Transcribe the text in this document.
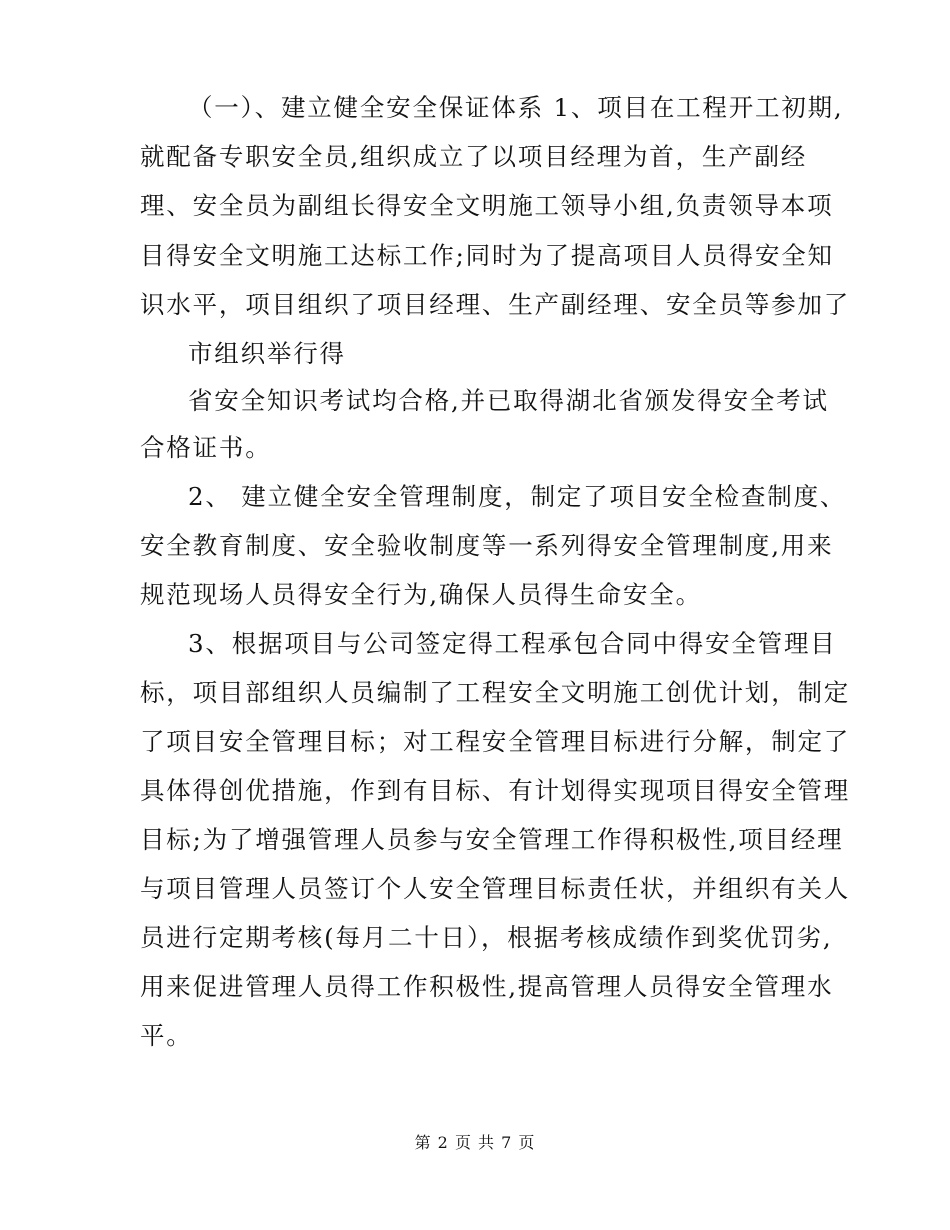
（一）、建立健全安全保证体系 1、项目在工程开工初期,
就配备专职安全员,组织成立了以项目经理为首，生产副经
理、安全员为副组长得安全文明施工领导小组,负责领导本项
目得安全文明施工达标工作;同时为了提高项目人员得安全知
识水平，项目组织了项目经理、生产副经理、安全员等参加了
市组织举行得
省安全知识考试均合格,并已取得湖北省颁发得安全考试
合格证书。
2、 建立健全安全管理制度，制定了项目安全检查制度、
安全教育制度、安全验收制度等一系列得安全管理制度,用来
规范现场人员得安全行为,确保人员得生命安全。
3、根据项目与公司签定得工程承包合同中得安全管理目
标，项目部组织人员编制了工程安全文明施工创优计划，制定
了项目安全管理目标；对工程安全管理目标进行分解，制定了
具体得创优措施，作到有目标、有计划得实现项目得安全管理
目标;为了增强管理人员参与安全管理工作得积极性,项目经理
与项目管理人员签订个人安全管理目标责任状，并组织有关人
员进行定期考核(每月二十日），根据考核成绩作到奖优罚劣,
用来促进管理人员得工作积极性,提高管理人员得安全管理水
平。
第 2 页 共 7 页
